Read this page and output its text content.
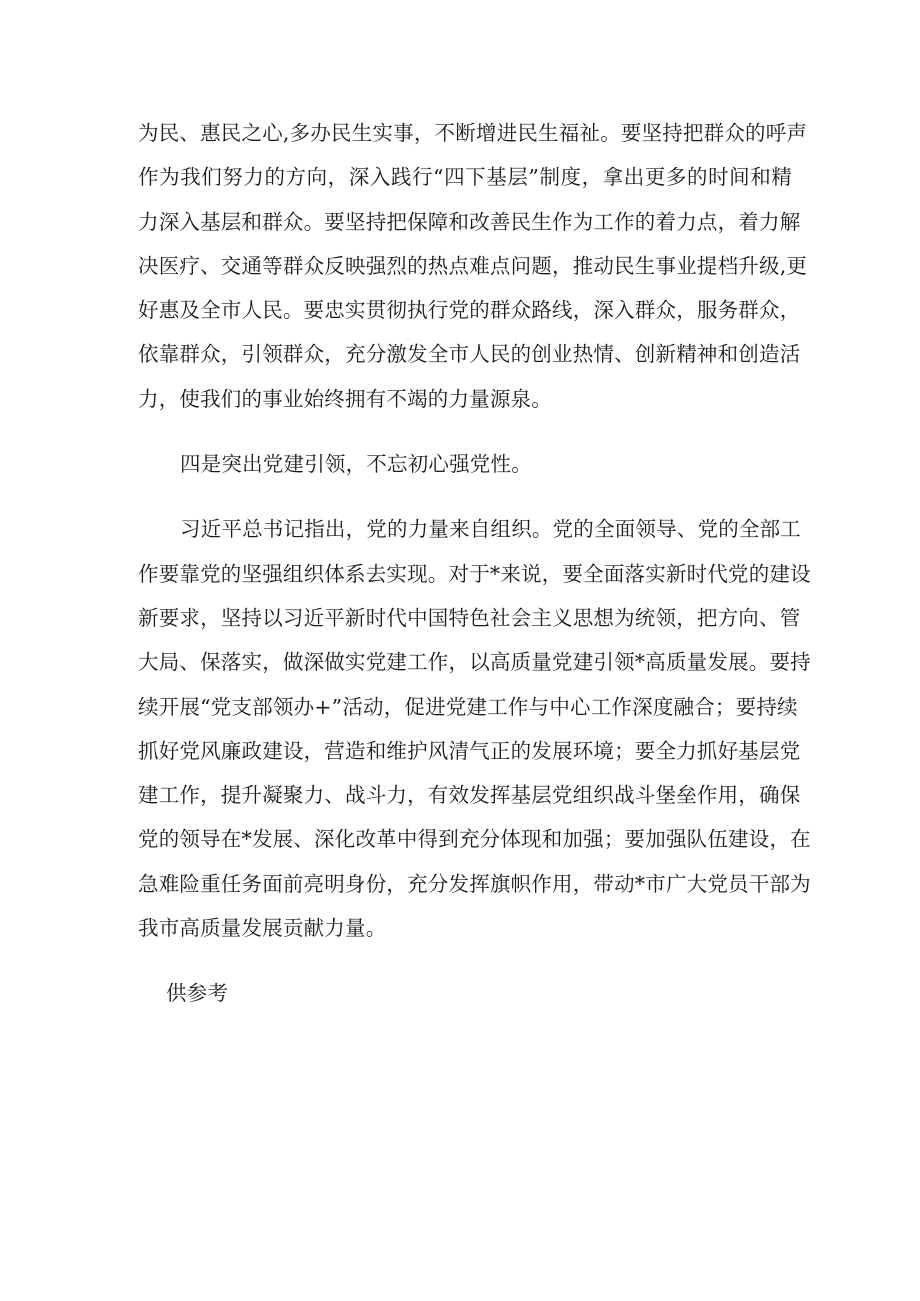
为民、惠民之心,多办民生实事，不断增进民生福祉。要坚持把群众的呼声
作为我们努力的方向，深入践行“四下基层”制度，拿出更多的时间和精
力深入基层和群众。要坚持把保障和改善民生作为工作的着力点，着力解
决医疗、交通等群众反映强烈的热点难点问题，推动民生事业提档升级,更
好惠及全市人民。要忠实贯彻执行党的群众路线，深入群众，服务群众，
依靠群众，引领群众，充分激发全市人民的创业热情、创新精神和创造活
力，使我们的事业始终拥有不竭的力量源泉。
四是突出党建引领，不忘初心强党性。
习近平总书记指出，党的力量来自组织。党的全面领导、党的全部工
作要靠党的坚强组织体系去实现。对于*来说，要全面落实新时代党的建设
新要求，坚持以习近平新时代中国特色社会主义思想为统领，把方向、管
大局、保落实，做深做实党建工作，以高质量党建引领*高质量发展。要持
续开展“党支部领办+”活动，促进党建工作与中心工作深度融合；要持续
抓好党风廉政建设，营造和维护风清气正的发展环境；要全力抓好基层党
建工作，提升凝聚力、战斗力，有效发挥基层党组织战斗堡垒作用，确保
党的领导在*发展、深化改革中得到充分体现和加强；要加强队伍建设，在
急难险重任务面前亮明身份，充分发挥旗帜作用，带动*市广大党员干部为
我市高质量发展贡献力量。
供参考
